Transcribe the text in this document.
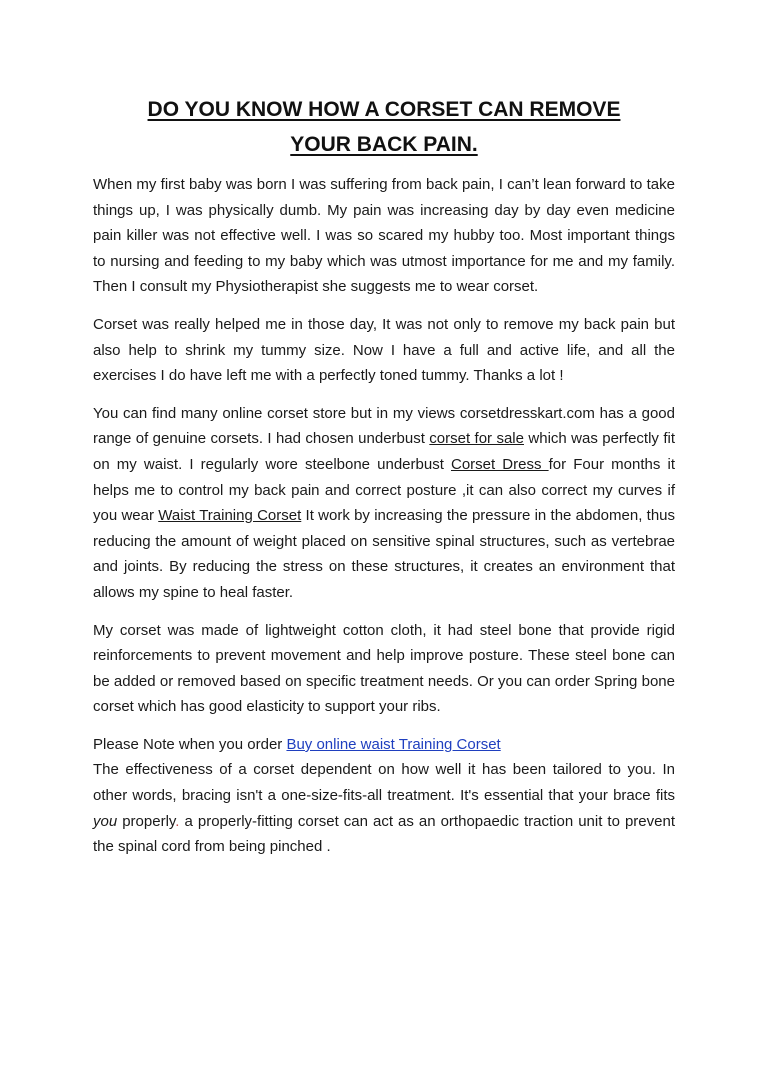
DO YOU KNOW HOW A CORSET CAN REMOVE
YOUR BACK PAIN.

When my first baby was born I was suffering from back pain, I can’t lean forward to take things up, I was physically dumb. My pain was increasing day by day even medicine pain killer was not effective well. I was so scared my hubby too. Most important things to nursing and feeding to my baby which was utmost importance for me and my family. Then I consult my Physiotherapist she suggests me to wear corset.

Corset was really helped me in those day, It was not only to remove my back pain but also help to shrink my tummy size. Now I have a full and active life, and all the exercises I do have left me with a perfectly toned tummy. Thanks a lot !

You can find many online corset store but in my views corsetdresskart.com has a good range of genuine corsets. I had chosen underbust corset for sale which was perfectly fit on my waist. I regularly wore steelbone underbust Corset Dress for Four months it helps me to control my back pain and correct posture ,it can also correct my curves if you wear Waist Training Corset It work by increasing the pressure in the abdomen, thus reducing the amount of weight placed on sensitive spinal structures, such as vertebrae and joints. By reducing the stress on these structures, it creates an environment that allows my spine to heal faster.

My corset was made of lightweight cotton cloth, it had steel bone that provide rigid reinforcements to prevent movement and help improve posture. These steel bone can be added or removed based on specific treatment needs. Or you can order Spring bone corset which has good elasticity to support your ribs.

Please Note when you order Buy online waist Training Corset
The effectiveness of a corset dependent on how well it has been tailored to you. In other words, bracing isn't a one-size-fits-all treatment. It's essential that your brace fits you properly. a properly-fitting corset can act as an orthopaedic traction unit to prevent the spinal cord from being pinched .
